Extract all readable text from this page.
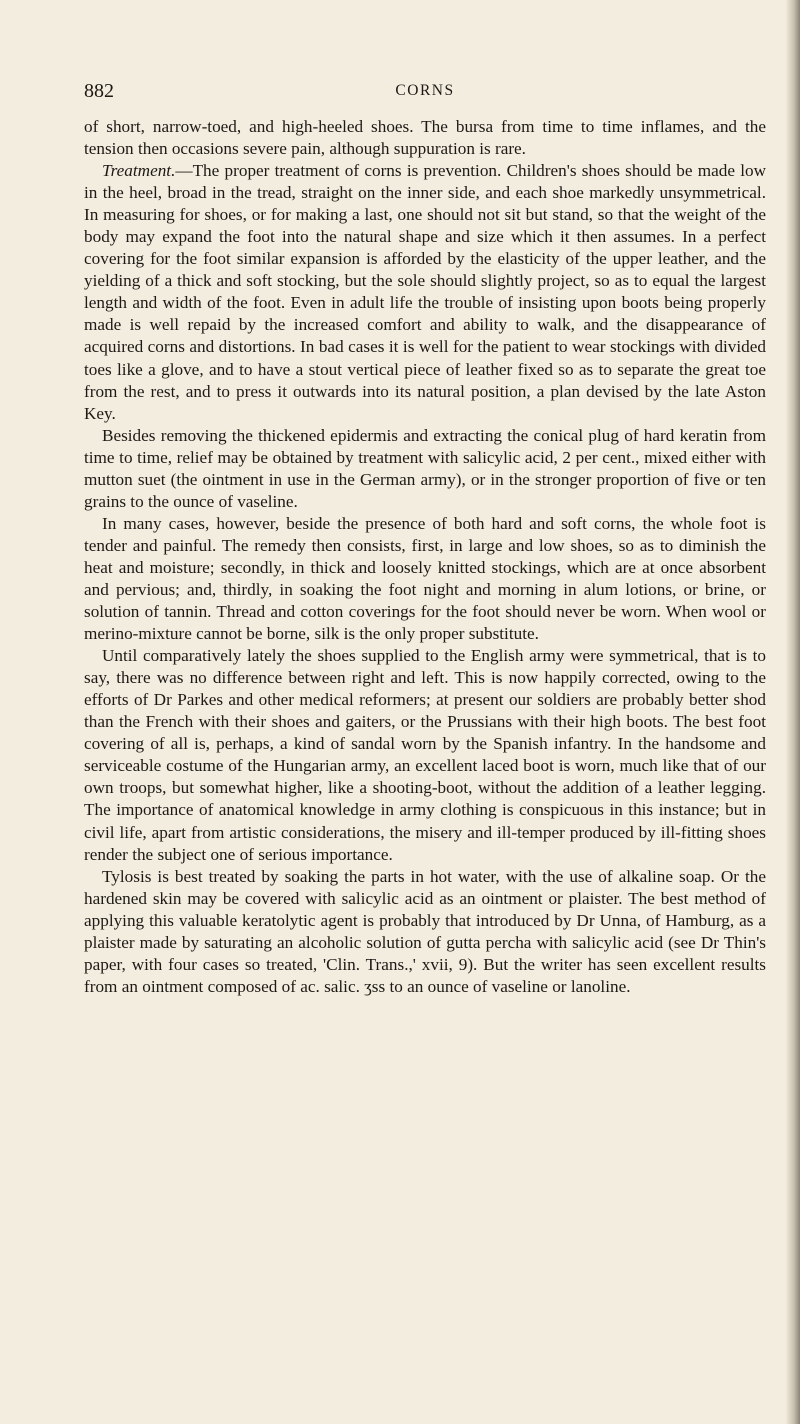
882	CORNS

of short, narrow-toed, and high-heeled shoes. The bursa from time to time inflames, and the tension then occasions severe pain, although suppuration is rare.

Treatment.—The proper treatment of corns is prevention. Children's shoes should be made low in the heel, broad in the tread, straight on the inner side, and each shoe markedly unsymmetrical. In measuring for shoes, or for making a last, one should not sit but stand, so that the weight of the body may expand the foot into the natural shape and size which it then assumes. In a perfect covering for the foot similar expansion is afforded by the elasticity of the upper leather, and the yielding of a thick and soft stocking, but the sole should slightly project, so as to equal the largest length and width of the foot. Even in adult life the trouble of insisting upon boots being properly made is well repaid by the increased comfort and ability to walk, and the disappearance of acquired corns and distortions. In bad cases it is well for the patient to wear stockings with divided toes like a glove, and to have a stout vertical piece of leather fixed so as to separate the great toe from the rest, and to press it outwards into its natural position, a plan devised by the late Aston Key.

Besides removing the thickened epidermis and extracting the conical plug of hard keratin from time to time, relief may be obtained by treatment with salicylic acid, 2 per cent., mixed either with mutton suet (the ointment in use in the German army), or in the stronger proportion of five or ten grains to the ounce of vaseline.

In many cases, however, beside the presence of both hard and soft corns, the whole foot is tender and painful. The remedy then consists, first, in large and low shoes, so as to diminish the heat and moisture; secondly, in thick and loosely knitted stockings, which are at once absorbent and pervious; and, thirdly, in soaking the foot night and morning in alum lotions, or brine, or solution of tannin. Thread and cotton coverings for the foot should never be worn. When wool or merino-mixture cannot be borne, silk is the only proper substitute.

Until comparatively lately the shoes supplied to the English army were symmetrical, that is to say, there was no difference between right and left. This is now happily corrected, owing to the efforts of Dr Parkes and other medical reformers; at present our soldiers are probably better shod than the French with their shoes and gaiters, or the Prussians with their high boots. The best foot covering of all is, perhaps, a kind of sandal worn by the Spanish infantry. In the handsome and serviceable costume of the Hungarian army, an excellent laced boot is worn, much like that of our own troops, but somewhat higher, like a shooting-boot, without the addition of a leather legging. The importance of anatomical knowledge in army clothing is conspicuous in this instance; but in civil life, apart from artistic considerations, the misery and ill-temper produced by ill-fitting shoes render the subject one of serious importance.

Tylosis is best treated by soaking the parts in hot water, with the use of alkaline soap. Or the hardened skin may be covered with salicylic acid as an ointment or plaister. The best method of applying this valuable keratolytic agent is probably that introduced by Dr Unna, of Hamburg, as a plaister made by saturating an alcoholic solution of gutta percha with salicylic acid (see Dr Thin's paper, with four cases so treated, 'Clin. Trans.,' xvii, 9). But the writer has seen excellent results from an ointment composed of ac. salic. ʒss to an ounce of vaseline or lanoline.
